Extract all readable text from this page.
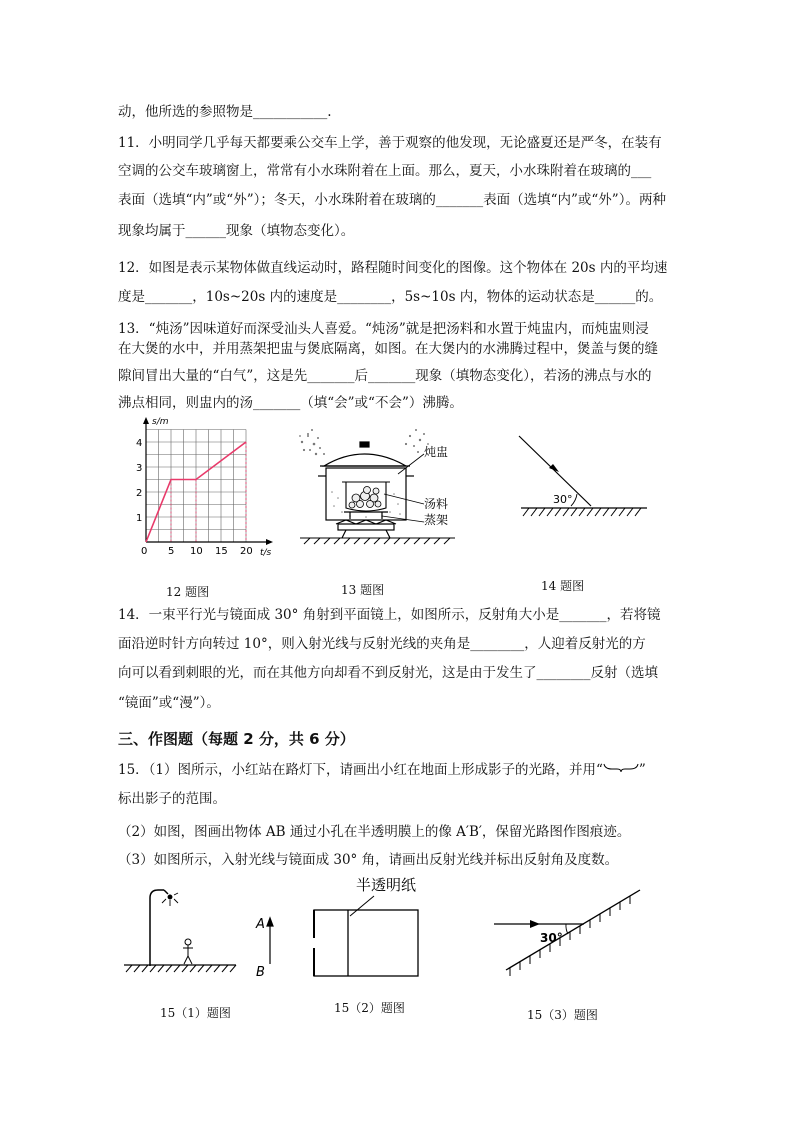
动，他所选的参照物是___________.
11．小明同学几乎每天都要乘公交车上学，善于观察的他发现，无论盛夏还是严冬，在装有
空调的公交车玻璃窗上，常常有小水珠附着在上面。那么，夏天，小水珠附着在玻璃的___
表面（选填“内”或“外”）；冬天，小水珠附着在玻璃的_______表面（选填“内”或“外”）。两种
现象均属于______现象（填物态变化）。
12．如图是表示某物体做直线运动时，路程随时间变化的图像。这个物体在 20s 内的平均速
度是_______，10s~20s 内的速度是________，5s~10s 内，物体的运动状态是______的。
13．“炖汤”因味道好而深受汕头人喜爱。“炖汤”就是把汤料和水置于炖盅内，而炖盅则浸
在大煲的水中，并用蒸架把盅与煲底隔离，如图。在大煲内的水沸腾过程中，煲盖与煲的缝
隙间冒出大量的“白气”，这是先_______后_______现象（填物态变化），若汤的沸点与水的
沸点相同，则盅内的汤_______（填“会”或“不会”）沸腾。
s/m
t/s
0 5 10 15 20
1
2
3
4
12 题图
炖盅
汤料
蒸架
13 题图
30°
14 题图
14．一束平行光与镜面成 30° 角射到平面镜上，如图所示，反射角大小是_______，若将镜
面沿逆时针方向转过 10°，则入射光线与反射光线的夹角是________，人迎着反射光的方
向可以看到刺眼的光，而在其他方向却看不到反射光，这是由于发生了________反射（选填
“镜面”或“漫”）。
三、作图题（每题 2 分，共 6 分）
15．（1）图所示，小红站在路灯下，请画出小红在地面上形成影子的光路，并用“	”
标出影子的范围。
（2）如图，图画出物体 AB 通过小孔在半透明膜上的像 A′B′，保留光路图作图痕迹。
（3）如图所示，入射光线与镜面成 30° 角，请画出反射光线并标出反射角及度数。
A
B
15（1）题图
半透明纸
15（2）题图
30°
15（3）题图
